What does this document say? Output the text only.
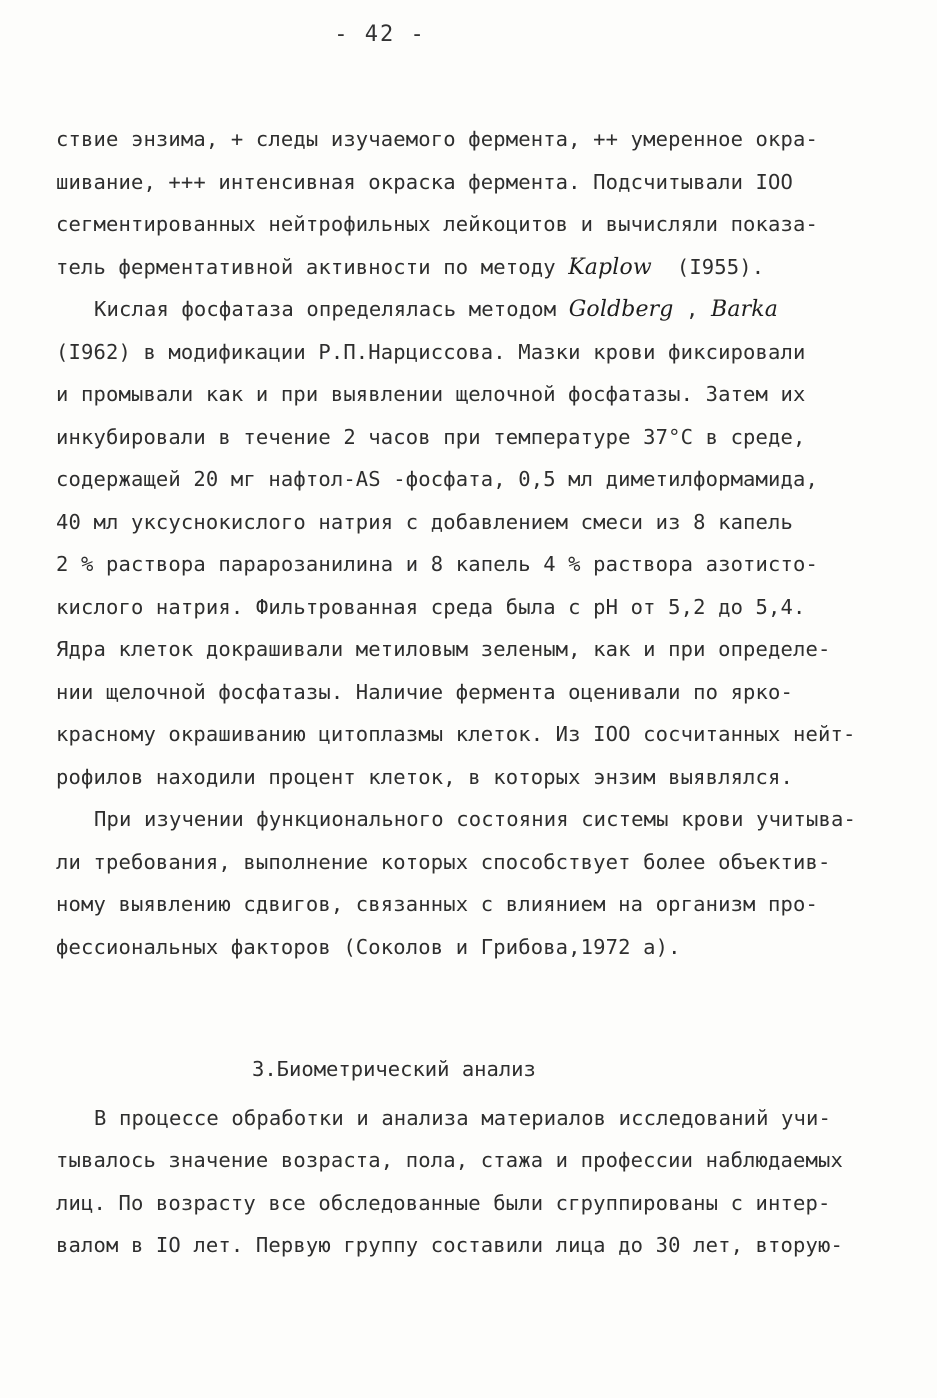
- 42 -
ствие энзима, + следы изучаемого фермента, ++ умеренное окра-
шивание, +++ интенсивная окраска фермента. Подсчитывали IOO
сегментированных нейтрофильных лейкоцитов и вычисляли показа-
тель ферментативной активности по методу Kaplow  (I955).
Кислая фосфатаза определялась методом Goldberg , Barka
(I962) в модификации Р.П.Нарциссова. Мазки крови фиксировали
и промывали как и при выявлении щелочной фосфатазы. Затем их
инкубировали в течение 2 часов при температуре 37°С в среде,
содержащей 20 мг нафтол-AS -фосфата, 0,5 мл диметилформамида,
40 мл уксуснокислого натрия с добавлением смеси из 8 капель
2 % раствора парарозанилина и 8 капель 4 % раствора азотисто-
кислого натрия. Фильтрованная среда была с рН от 5,2 до 5,4.
Ядра клеток докрашивали метиловым зеленым, как и при определе-
нии щелочной фосфатазы. Наличие фермента оценивали по ярко-
красному окрашиванию цитоплазмы клеток. Из IOO сосчитанных нейт-
рофилов находили процент клеток, в которых энзим выявлялся.
При изучении функционального состояния системы крови учитыва-
ли требования, выполнение которых способствует более объектив-
ному выявлению сдвигов, связанных с влиянием на организм про-
фессиональных факторов (Соколов и Грибова,1972 а).
3.Биометрический анализ
В процессе обработки и анализа материалов исследований учи-
тывалось значение возраста, пола, стажа и профессии наблюдаемых
лиц. По возрасту все обследованные были сгруппированы с интер-
валом в IO лет. Первую группу составили лица до 30 лет, вторую-
